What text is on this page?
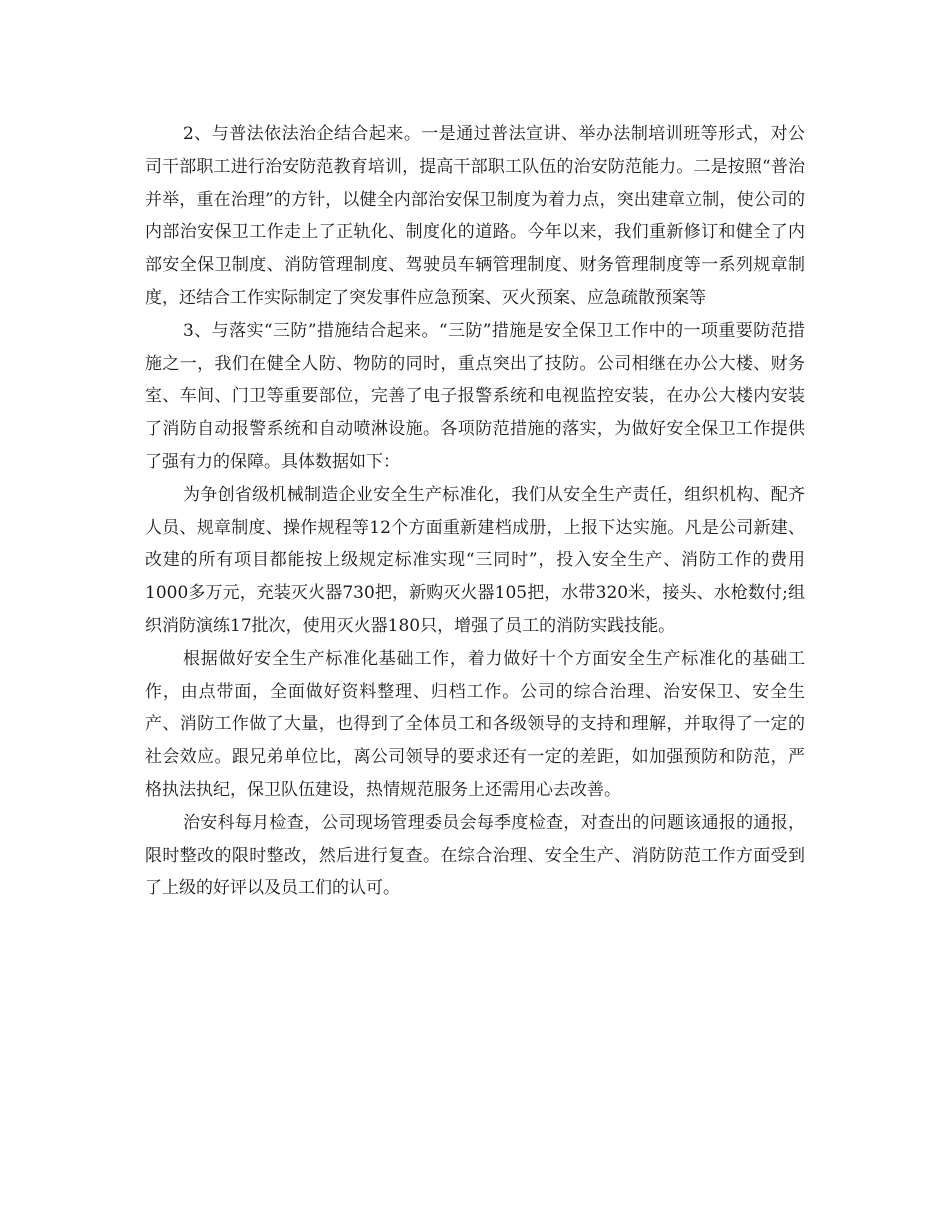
2、与普法依法治企结合起来。一是通过普法宣讲、举办法制培训班等形式，对公司干部职工进行治安防范教育培训，提高干部职工队伍的治安防范能力。二是按照“普治并举，重在治理”的方针，以健全内部治安保卫制度为着力点，突出建章立制，使公司的内部治安保卫工作走上了正轨化、制度化的道路。今年以来，我们重新修订和健全了内部安全保卫制度、消防管理制度、驾驶员车辆管理制度、财务管理制度等一系列规章制度，还结合工作实际制定了突发事件应急预案、灭火预案、应急疏散预案等

3、与落实“三防”措施结合起来。“三防”措施是安全保卫工作中的一项重要防范措施之一，我们在健全人防、物防的同时，重点突出了技防。公司相继在办公大楼、财务室、车间、门卫等重要部位，完善了电子报警系统和电视监控安装，在办公大楼内安装了消防自动报警系统和自动喷淋设施。各项防范措施的落实，为做好安全保卫工作提供了强有力的保障。具体数据如下：

为争创省级机械制造企业安全生产标准化，我们从安全生产责任，组织机构、配齐人员、规章制度、操作规程等12个方面重新建档成册，上报下达实施。凡是公司新建、改建的所有项目都能按上级规定标准实现“三同时”，投入安全生产、消防工作的费用1000多万元，充装灭火器730把，新购灭火器105把，水带320米，接头、水枪数付;组织消防演练17批次，使用灭火器180只，增强了员工的消防实践技能。

根据做好安全生产标准化基础工作，着力做好十个方面安全生产标准化的基础工作，由点带面，全面做好资料整理、归档工作。公司的综合治理、治安保卫、安全生产、消防工作做了大量，也得到了全体员工和各级领导的支持和理解，并取得了一定的社会效应。跟兄弟单位比，离公司领导的要求还有一定的差距，如加强预防和防范，严格执法执纪，保卫队伍建设，热情规范服务上还需用心去改善。

治安科每月检查，公司现场管理委员会每季度检查，对查出的问题该通报的通报，限时整改的限时整改，然后进行复查。在综合治理、安全生产、消防防范工作方面受到了上级的好评以及员工们的认可。
